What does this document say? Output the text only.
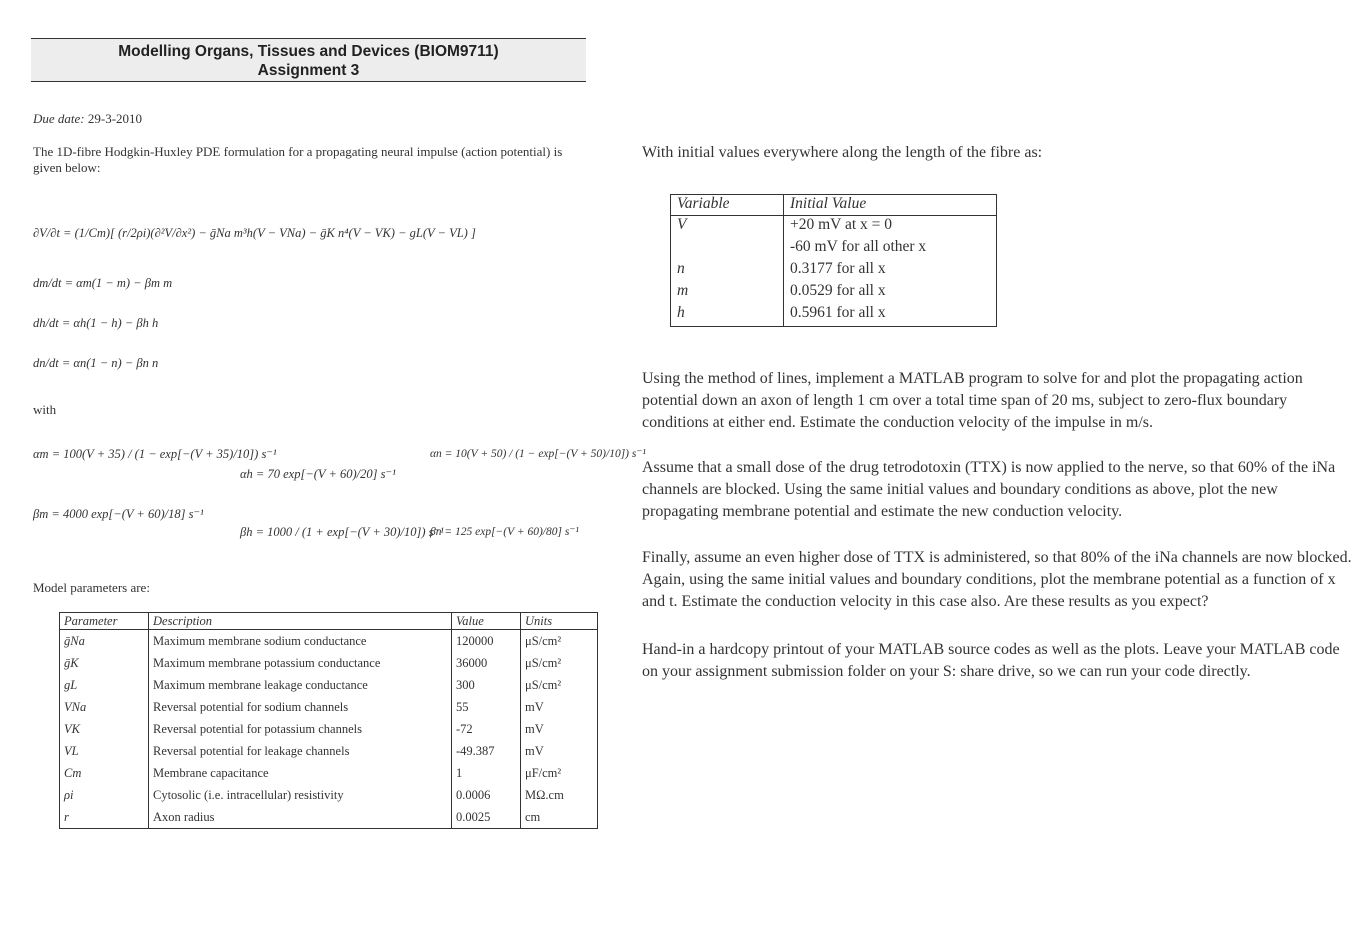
Modelling Organs, Tissues and Devices (BIOM9711)
Assignment 3
Due date: 29-3-2010
The 1D-fibre Hodgkin-Huxley PDE formulation for a propagating neural impulse (action potential) is given below:
∂V/∂t = (1/Cm)[ (r/2ρi)(∂²V/∂x²) − ḡNa m³h(V − VNa) − ḡK n⁴(V − VK) − gL(V − VL) ]
dm/dt = αm(1 − m) − βm m
dh/dt = αh(1 − h) − βh h
dn/dt = αn(1 − n) − βn n
with
αm = 100(V + 35) / (1 − exp[−(V + 35)/10]) s⁻¹
βm = 4000 exp[−(V + 60)/18] s⁻¹
αh = 70 exp[−(V + 60)/20] s⁻¹
βh = 1000 / (1 + exp[−(V + 30)/10]) s⁻¹
αn = 10(V + 50) / (1 − exp[−(V + 50)/10]) s⁻¹
βn = 125 exp[−(V + 60)/80] s⁻¹
Model parameters are:
Parameter	Description	Value	Units
ḡNa	Maximum membrane sodium conductance	120000	μS/cm²
ḡK	Maximum membrane potassium conductance	36000	μS/cm²
gL	Maximum membrane leakage conductance	300	μS/cm²
VNa	Reversal potential for sodium channels	55	mV
VK	Reversal potential for potassium channels	-72	mV
VL	Reversal potential for leakage channels	-49.387	mV
Cm	Membrane capacitance	1	μF/cm²
ρi	Cytosolic (i.e. intracellular) resistivity	0.0006	MΩ.cm
r	Axon radius	0.0025	cm
With initial values everywhere along the length of the fibre as:
Variable	Initial Value
V	+20 mV at x = 0
	-60 mV for all other x
n	0.3177 for all x
m	0.0529 for all x
h	0.5961 for all x
Using the method of lines, implement a MATLAB program to solve for and plot the propagating action potential down an axon of length 1 cm over a total time span of 20 ms, subject to zero-flux boundary conditions at either end. Estimate the conduction velocity of the impulse in m/s.
Assume that a small dose of the drug tetrodotoxin (TTX) is now applied to the nerve, so that 60% of the iNa channels are blocked. Using the same initial values and boundary conditions as above, plot the new propagating membrane potential and estimate the new conduction velocity.
Finally, assume an even higher dose of TTX is administered, so that 80% of the iNa channels are now blocked. Again, using the same initial values and boundary conditions, plot the membrane potential as a function of x and t. Estimate the conduction velocity in this case also. Are these results as you expect?
Hand-in a hardcopy printout of your MATLAB source codes as well as the plots. Leave your MATLAB code on your assignment submission folder on your S: share drive, so we can run your code directly.
